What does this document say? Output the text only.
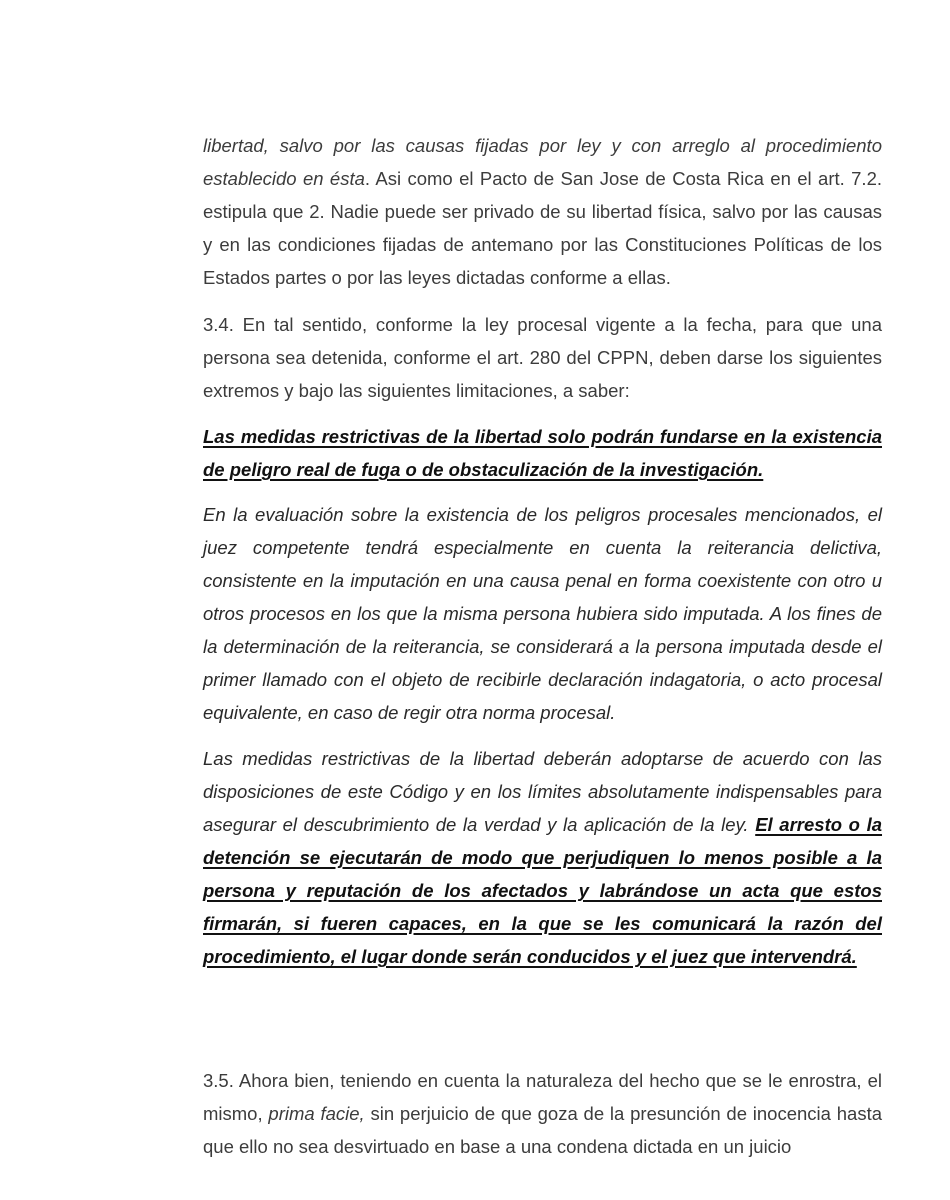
libertad, salvo por las causas fijadas por ley y con arreglo al procedimiento establecido en ésta. Asi como el Pacto de San Jose de Costa Rica en el art. 7.2. estipula que 2. Nadie puede ser privado de su libertad física, salvo por las causas y en las condiciones fijadas de antemano por las Constituciones Políticas de los Estados partes o por las leyes dictadas conforme a ellas.

3.4. En tal sentido, conforme la ley procesal vigente a la fecha, para que una persona sea detenida, conforme el art. 280 del CPPN, deben darse los siguientes extremos y bajo las siguientes limitaciones, a saber:

Las medidas restrictivas de la libertad solo podrán fundarse en la existencia de peligro real de fuga o de obstaculización de la investigación.

En la evaluación sobre la existencia de los peligros procesales mencionados, el juez competente tendrá especialmente en cuenta la reiterancia delictiva, consistente en la imputación en una causa penal en forma coexistente con otro u otros procesos en los que la misma persona hubiera sido imputada. A los fines de la determinación de la reiterancia, se considerará a la persona imputada desde el primer llamado con el objeto de recibirle declaración indagatoria, o acto procesal equivalente, en caso de regir otra norma procesal.

Las medidas restrictivas de la libertad deberán adoptarse de acuerdo con las disposiciones de este Código y en los límites absolutamente indispensables para asegurar el descubrimiento de la verdad y la aplicación de la ley. El arresto o la detención se ejecutarán de modo que perjudiquen lo menos posible a la persona y reputación de los afectados y labrándose un acta que estos firmarán, si fueren capaces, en la que se les comunicará la razón del procedimiento, el lugar donde serán conducidos y el juez que intervendrá.

3.5. Ahora bien, teniendo en cuenta la naturaleza del hecho que se le enrostra, el mismo, prima facie, sin perjuicio de que goza de la presunción de inocencia hasta que ello no sea desvirtuado en base a una condena dictada en un juicio
